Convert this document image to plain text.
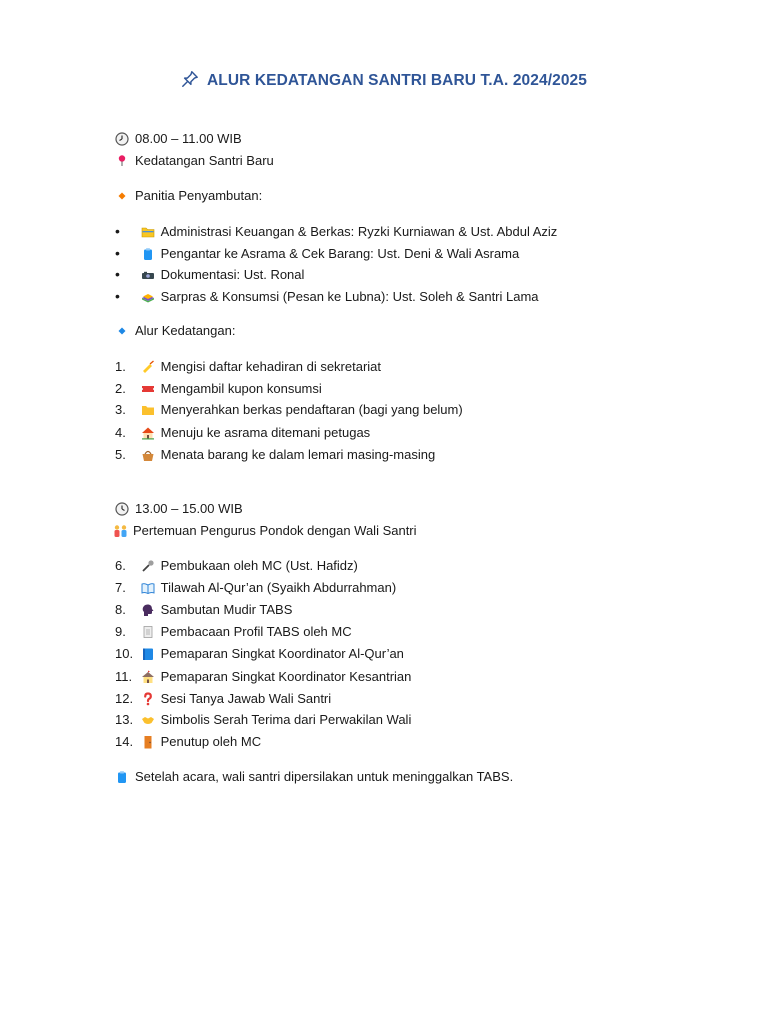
ALUR KEDATANGAN SANTRI BARU T.A. 2024/2025
08.00 – 11.00 WIB
Kedatangan Santri Baru
Panitia Penyambutan:
•	Administrasi Keuangan & Berkas: Ryzki Kurniawan & Ust. Abdul Aziz
•	Pengantar ke Asrama & Cek Barang: Ust. Deni & Wali Asrama
•	Dokumentasi: Ust. Ronal
•	Sarpras & Konsumsi (Pesan ke Lubna): Ust. Soleh & Santri Lama
Alur Kedatangan:
1.	Mengisi daftar kehadiran di sekretariat
2.	Mengambil kupon konsumsi
3.	Menyerahkan berkas pendaftaran (bagi yang belum)
4.	Menuju ke asrama ditemani petugas
5.	Menata barang ke dalam lemari masing-masing
13.00 – 15.00 WIB
Pertemuan Pengurus Pondok dengan Wali Santri
6.	Pembukaan oleh MC (Ust. Hafidz)
7.	Tilawah Al-Qur’an (Syaikh Abdurrahman)
8.	Sambutan Mudir TABS
9.	Pembacaan Profil TABS oleh MC
10. Pemaparan Singkat Koordinator Al-Qur’an
11. Pemaparan Singkat Koordinator Kesantrian
12. Sesi Tanya Jawab Wali Santri
13. Simbolis Serah Terima dari Perwakilan Wali
14. Penutup oleh MC
Setelah acara, wali santri dipersilakan untuk meninggalkan TABS.
